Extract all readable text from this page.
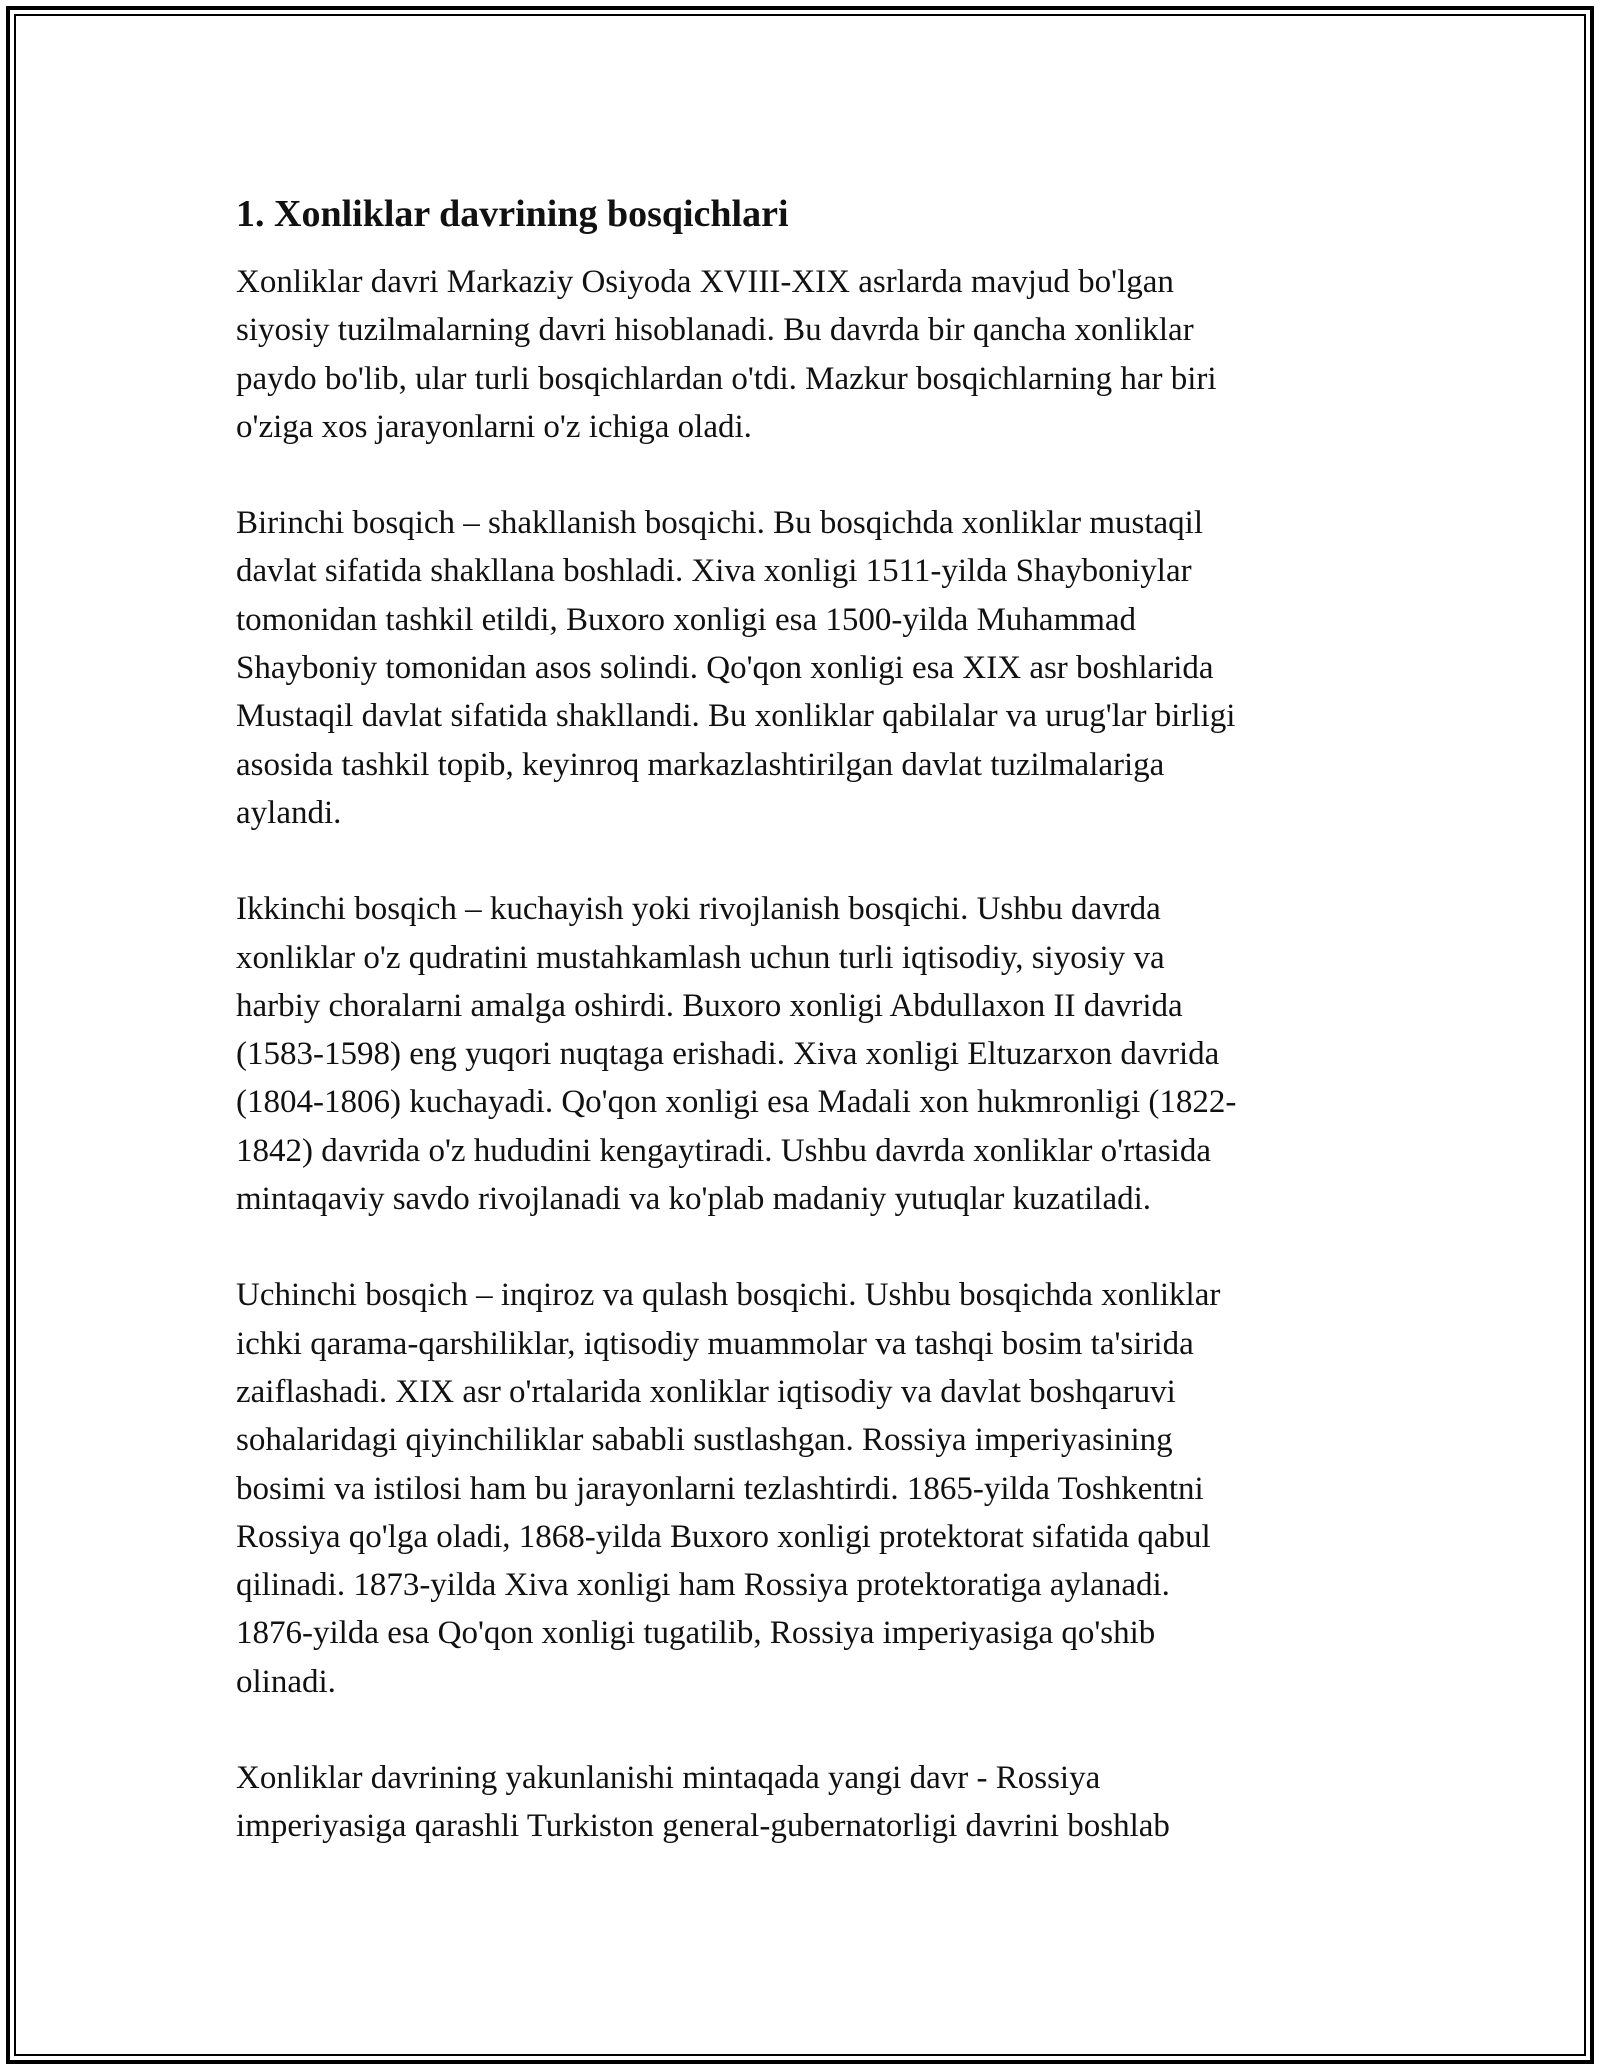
1. Xonliklar davrining bosqichlari

Xonliklar davri Markaziy Osiyoda XVIII-XIX asrlarda mavjud bo'lgan
siyosiy tuzilmalarning davri hisoblanadi. Bu davrda bir qancha xonliklar
paydo bo'lib, ular turli bosqichlardan o'tdi. Mazkur bosqichlarning har biri
o'ziga xos jarayonlarni o'z ichiga oladi.

Birinchi bosqich – shakllanish bosqichi. Bu bosqichda xonliklar mustaqil
davlat sifatida shakllana boshladi. Xiva xonligi 1511-yilda Shayboniylar
tomonidan tashkil etildi, Buxoro xonligi esa 1500-yilda Muhammad
Shayboniy tomonidan asos solindi. Qo'qon xonligi esa XIX asr boshlarida
Mustaqil davlat sifatida shakllandi. Bu xonliklar qabilalar va urug'lar birligi
asosida tashkil topib, keyinroq markazlashtirilgan davlat tuzilmalariga
aylandi.

Ikkinchi bosqich – kuchayish yoki rivojlanish bosqichi. Ushbu davrda
xonliklar o'z qudratini mustahkamlash uchun turli iqtisodiy, siyosiy va
harbiy choralarni amalga oshirdi. Buxoro xonligi Abdullaxon II davrida
(1583-1598) eng yuqori nuqtaga erishadi. Xiva xonligi Eltuzarxon davrida
(1804-1806) kuchayadi. Qo'qon xonligi esa Madali xon hukmronligi (1822-
1842) davrida o'z hududini kengaytiradi. Ushbu davrda xonliklar o'rtasida
mintaqaviy savdo rivojlanadi va ko'plab madaniy yutuqlar kuzatiladi.

Uchinchi bosqich – inqiroz va qulash bosqichi. Ushbu bosqichda xonliklar
ichki qarama-qarshiliklar, iqtisodiy muammolar va tashqi bosim ta'sirida
zaiflashadi. XIX asr o'rtalarida xonliklar iqtisodiy va davlat boshqaruvi
sohalaridagi qiyinchiliklar sababli sustlashgan. Rossiya imperiyasining
bosimi va istilosi ham bu jarayonlarni tezlashtirdi. 1865-yilda Toshkentni
Rossiya qo'lga oladi, 1868-yilda Buxoro xonligi protektorat sifatida qabul
qilinadi. 1873-yilda Xiva xonligi ham Rossiya protektoratiga aylanadi.
1876-yilda esa Qo'qon xonligi tugatilib, Rossiya imperiyasiga qo'shib
olinadi.

Xonliklar davrining yakunlanishi mintaqada yangi davr - Rossiya
imperiyasiga qarashli Turkiston general-gubernatorligi davrini boshlab
